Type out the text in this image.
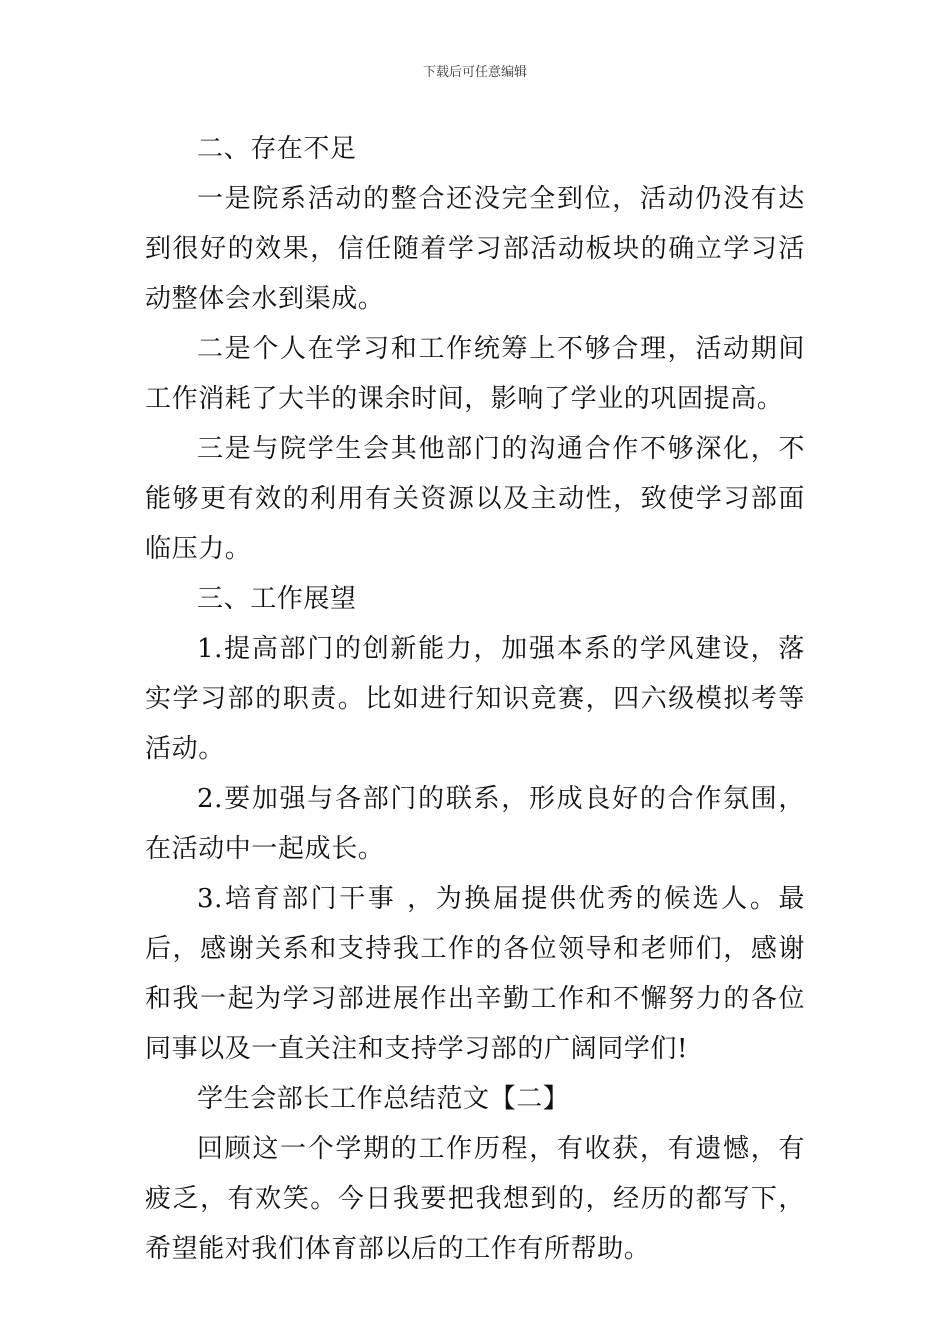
下载后可任意编辑

二、存在不足

一是院系活动的整合还没完全到位，活动仍没有达到很好的效果，信任随着学习部活动板块的确立学习活动整体会水到渠成。

二是个人在学习和工作统筹上不够合理，活动期间工作消耗了大半的课余时间，影响了学业的巩固提高。

三是与院学生会其他部门的沟通合作不够深化，不能够更有效的利用有关资源以及主动性，致使学习部面临压力。

三、工作展望

1.提高部门的创新能力，加强本系的学风建设，落实学习部的职责。比如进行知识竞赛，四六级模拟考等活动。

2.要加强与各部门的联系，形成良好的合作氛围，在活动中一起成长。

3.培育部门干事 ，为换届提供优秀的候选人。最后，感谢关系和支持我工作的各位领导和老师们，感谢和我一起为学习部进展作出辛勤工作和不懈努力的各位同事以及一直关注和支持学习部的广阔同学们!

学生会部长工作总结范文【二】

回顾这一个学期的工作历程，有收获，有遗憾，有疲乏，有欢笑。今日我要把我想到的，经历的都写下，希望能对我们体育部以后的工作有所帮助。
